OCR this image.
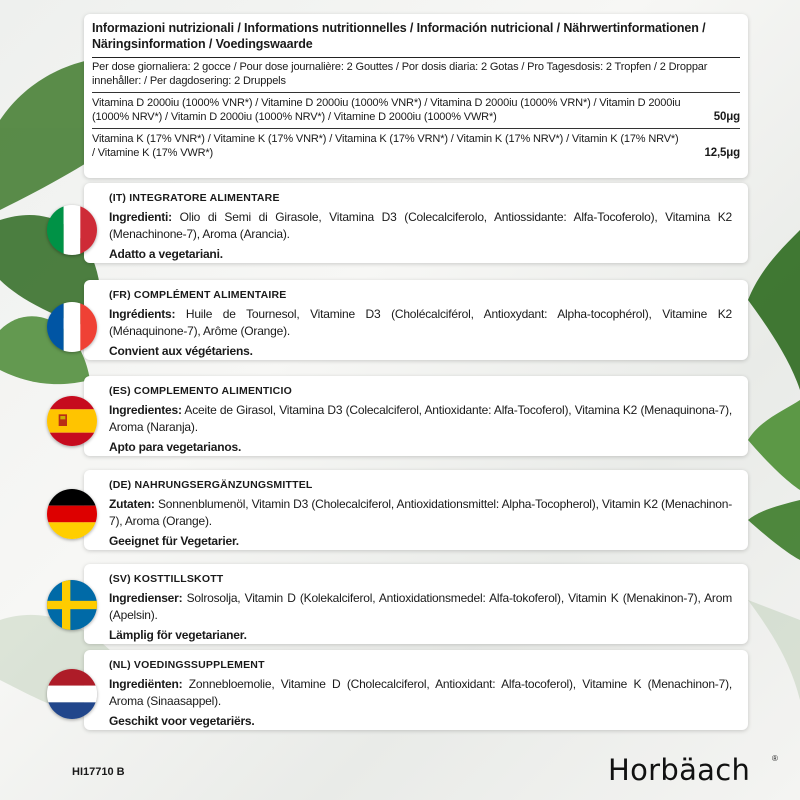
Informazioni nutrizionali / Informations nutritionnelles / Información nutricional / Nährwertinformationen / Näringsinformation / Voedingswaarde
Per dose giornaliera: 2 gocce / Pour dose journalière: 2 Gouttes / Por dosis diaria: 2 Gotas / Pro Tagesdosis: 2 Tropfen / 2 Droppar innehåller: / Per dagdosering: 2 Druppels
Vitamina D 2000iu (1000% VNR*) / Vitamine D 2000iu (1000% VNR*) / Vitamina D 2000iu (1000% VRN*) / Vitamin D 2000iu (1000% NRV*) / Vitamin D 2000iu (1000% NRV*) / Vitamine D 2000iu (1000% VWR*)	50μg
Vitamina K (17% VNR*) / Vitamine K (17% VNR*) / Vitamina K (17% VRN*) / Vitamin K (17% NRV*) / Vitamin K (17% NRV*) / Vitamine K (17% VWR*)	12,5μg
(IT) INTEGRATORE ALIMENTARE
Ingredienti: Olio di Semi di Girasole, Vitamina D3 (Colecalciferolo, Antiossidante: Alfa-Tocoferolo), Vitamina K2 (Menachinone-7), Aroma (Arancia).
Adatto a vegetariani.
(FR) COMPLÉMENT ALIMENTAIRE
Ingrédients: Huile de Tournesol, Vitamine D3 (Cholécalciférol, Antioxydant: Alpha-tocophérol), Vitamine K2 (Ménaquinone-7), Arôme (Orange).
Convient aux végétariens.
(ES) COMPLEMENTO ALIMENTICIO
Ingredientes: Aceite de Girasol, Vitamina D3 (Colecalciferol, Antioxidante: Alfa-Tocoferol), Vitamina K2 (Menaquinona-7), Aroma (Naranja).
Apto para vegetarianos.
(DE) NAHRUNGSERGÄNZUNGSMITTEL
Zutaten: Sonnenblumenöl, Vitamin D3 (Cholecalciferol, Antioxidationsmittel: Alpha-Tocopherol), Vitamin K2 (Menachinon-7), Aroma (Orange).
Geeignet für Vegetarier.
(SV) KOSTTILLSKOTT
Ingredienser: Solrosolja, Vitamin D (Kolekalciferol, Antioxidationsmedel: Alfa-tokoferol), Vitamin K (Menakinon-7), Arom (Apelsin).
Lämplig för vegetarianer.
(NL) VOEDINGSSUPPLEMENT
Ingrediënten: Zonnebloemolie, Vitamine D (Cholecalciferol, Antioxidant: Alfa-tocoferol), Vitamine K (Menachinon-7), Aroma (Sinaasappel).
Geschikt voor vegetariërs.
HI17710 B	Horbäach	®
